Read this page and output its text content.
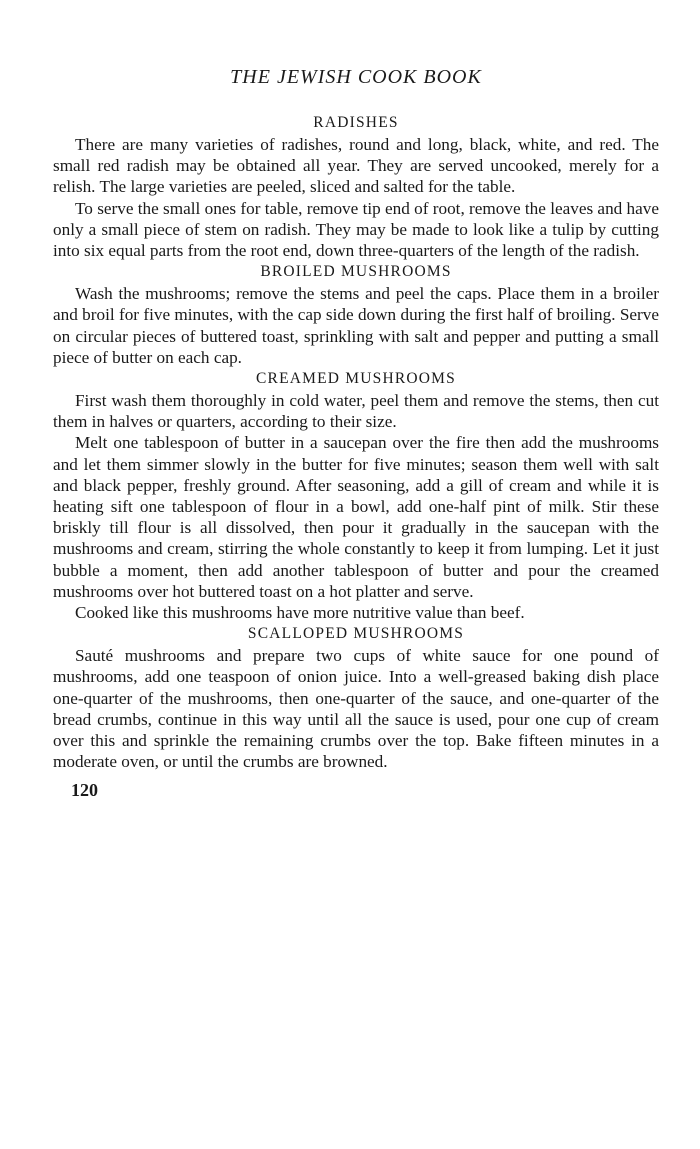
THE JEWISH COOK BOOK
RADISHES

There are many varieties of radishes, round and long, black, white, and red. The small red radish may be obtained all year. They are served uncooked, merely for a relish. The large varieties are peeled, sliced and salted for the table.

To serve the small ones for table, remove tip end of root, remove the leaves and have only a small piece of stem on radish. They may be made to look like a tulip by cutting into six equal parts from the root end, down three-quarters of the length of the radish.

BROILED MUSHROOMS

Wash the mushrooms; remove the stems and peel the caps. Place them in a broiler and broil for five minutes, with the cap side down during the first half of broiling. Serve on circular pieces of buttered toast, sprinkling with salt and pepper and putting a small piece of butter on each cap.

CREAMED MUSHROOMS

First wash them thoroughly in cold water, peel them and remove the stems, then cut them in halves or quarters, according to their size.

Melt one tablespoon of butter in a saucepan over the fire then add the mushrooms and let them simmer slowly in the butter for five minutes; season them well with salt and black pepper, freshly ground. After seasoning, add a gill of cream and while it is heating sift one tablespoon of flour in a bowl, add one-half pint of milk. Stir these briskly till flour is all dissolved, then pour it gradually in the saucepan with the mushrooms and cream, stirring the whole constantly to keep it from lumping. Let it just bubble a moment, then add another tablespoon of butter and pour the creamed mushrooms over hot buttered toast on a hot platter and serve.

Cooked like this mushrooms have more nutritive value than beef.

SCALLOPED MUSHROOMS

Sauté mushrooms and prepare two cups of white sauce for one pound of mushrooms, add one teaspoon of onion juice. Into a well-greased baking dish place one-quarter of the mushrooms, then one-quarter of the sauce, and one-quarter of the bread crumbs, continue in this way until all the sauce is used, pour one cup of cream over this and sprinkle the remaining crumbs over the top. Bake fifteen minutes in a moderate oven, or until the crumbs are browned.

120
